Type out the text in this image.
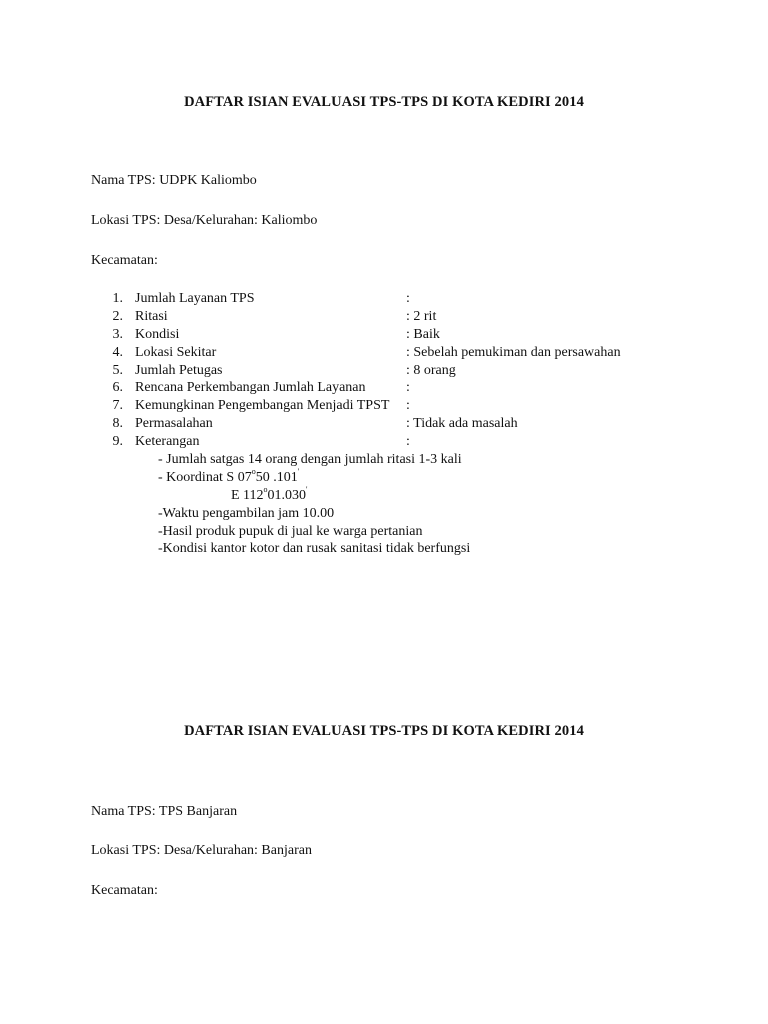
DAFTAR ISIAN EVALUASI TPS-TPS DI KOTA KEDIRI 2014
Nama TPS: UDPK Kaliombo
Lokasi TPS: Desa/Kelurahan: Kaliombo
Kecamatan:
1. Jumlah Layanan TPS	:
2. Ritasi	: 2 rit
3. Kondisi	: Baik
4. Lokasi Sekitar	: Sebelah pemukiman dan persawahan
5. Jumlah Petugas	: 8 orang
6. Rencana Perkembangan Jumlah Layanan	:
7. Kemungkinan Pengembangan Menjadi TPST :
8. Permasalahan	: Tidak ada masalah
9. Keterangan	:
- Jumlah satgas 14 orang dengan jumlah ritasi 1-3 kali
- Koordinat S 07$^o$50 .101'
E 112$^o$01.030'
-Waktu pengambilan jam 10.00
-Hasil produk pupuk di jual ke warga pertanian
-Kondisi kantor kotor dan rusak sanitasi tidak berfungsi
DAFTAR ISIAN EVALUASI TPS-TPS DI KOTA KEDIRI 2014
Nama TPS: TPS Banjaran
Lokasi TPS: Desa/Kelurahan: Banjaran
Kecamatan:
